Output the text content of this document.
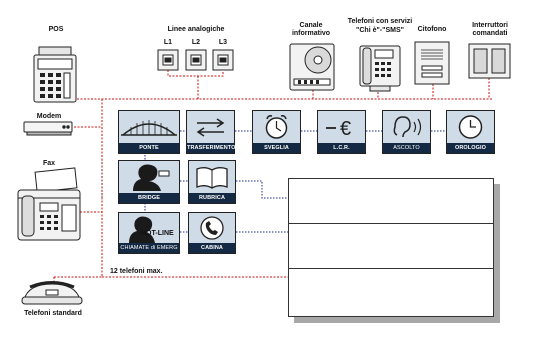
POS
Modem
Fax
Telefoni standard
Linee analogiche
L1	L2	L3
Canale
informativo
Telefoni con servizi
"Chi è"-"SMS"	Citofono
Interruttori
comandati
12 telefoni max.
PONTE	TRASFERIMENTO	SVEGLIA
€
L.C.R.	ASCOLTO AMBIENT
OROLOGIO
BRIDGE	RUBRICA
HOT-LINE
CHIAMATE di EMERG	CABINA
